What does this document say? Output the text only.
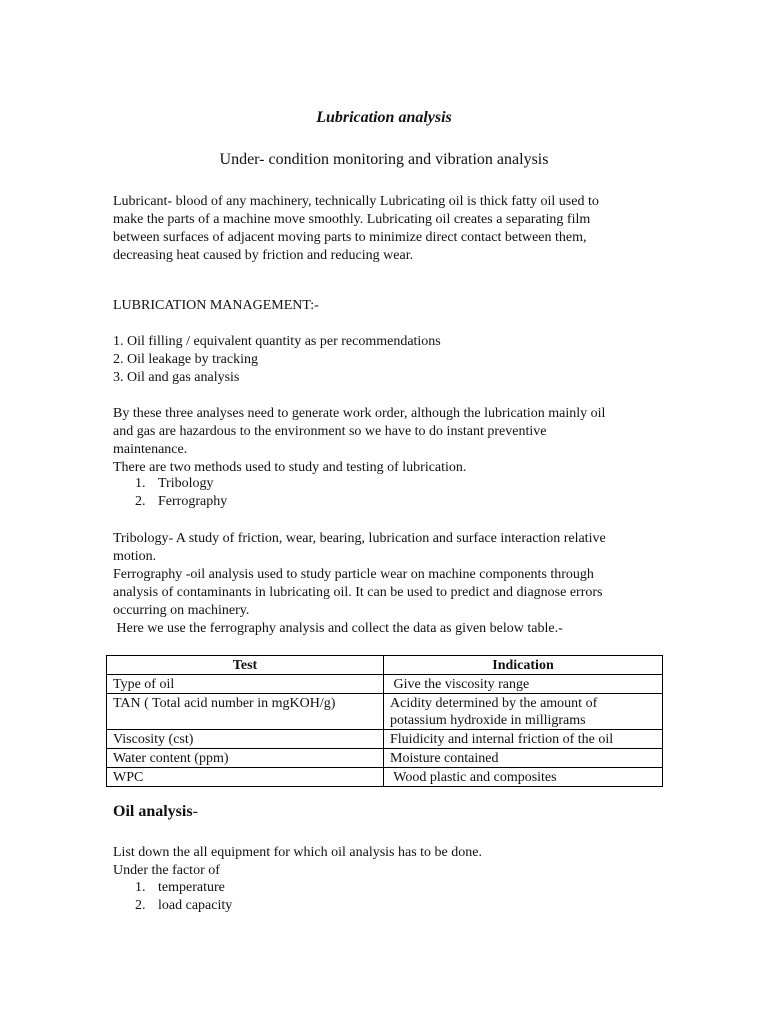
Lubrication analysis
Under- condition monitoring and vibration analysis
Lubricant- blood of any machinery, technically Lubricating oil is thick fatty oil used to
make the parts of a machine move smoothly. Lubricating oil creates a separating film
between surfaces of adjacent moving parts to minimize direct contact between them,
decreasing heat caused by friction and reducing wear.
LUBRICATION MANAGEMENT:-
1. Oil filling / equivalent quantity as per recommendations
2. Oil leakage by tracking
3. Oil and gas analysis
By these three analyses need to generate work order, although the lubrication mainly oil
and gas are hazardous to the environment so we have to do instant preventive
maintenance.
There are two methods used to study and testing of lubrication.
1. Tribology
2. Ferrography
Tribology- A study of friction, wear, bearing, lubrication and surface interaction relative
motion.
Ferrography -oil analysis used to study particle wear on machine components through
analysis of contaminants in lubricating oil. It can be used to predict and diagnose errors
occurring on machinery.
Here we use the ferrography analysis and collect the data as given below table.-
Test	Indication
Type of oil	Give the viscosity range
TAN ( Total acid number in mgKOH/g)	Acidity determined by the amount of potassium hydroxide in milligrams
Viscosity (cst)	Fluidicity and internal friction of the oil
Water content (ppm)	Moisture contained
WPC	Wood plastic and composites
Oil analysis-
List down the all equipment for which oil analysis has to be done.
Under the factor of
1. temperature
2. load capacity
